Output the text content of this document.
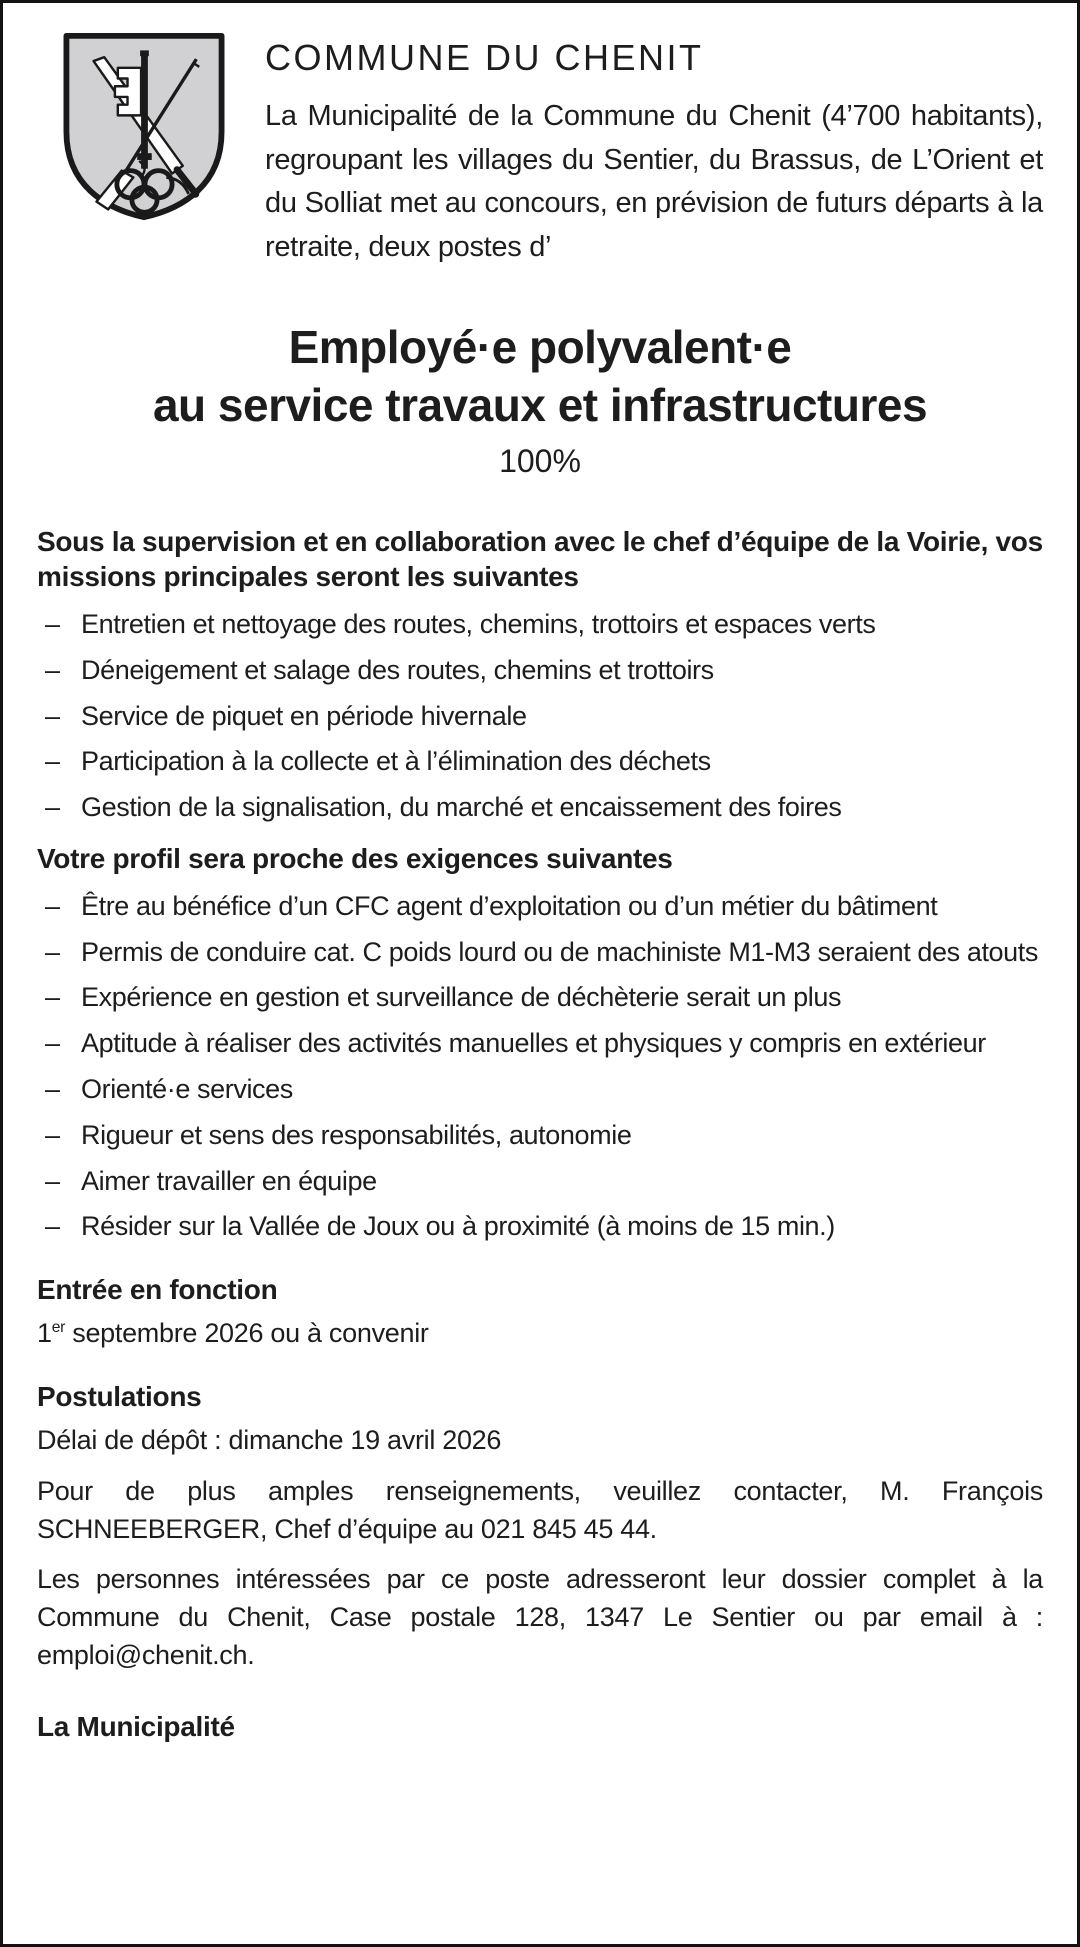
COMMUNE DU CHENIT

La Municipalité de la Commune du Chenit (4’700 habitants), regroupant les villages du Sentier, du Brassus, de L’Orient et du Solliat met au concours, en prévision de futurs départs à la retraite, deux postes d’

Employé·e polyvalent·e
au service travaux et infrastructures
100%
Sous la supervision et en collaboration avec le chef d’équipe de la Voirie, vos missions principales seront les suivantes
– Entretien et nettoyage des routes, chemins, trottoirs et espaces verts
– Déneigement et salage des routes, chemins et trottoirs
– Service de piquet en période hivernale
– Participation à la collecte et à l’élimination des déchets
– Gestion de la signalisation, du marché et encaissement des foires
Votre profil sera proche des exigences suivantes
– Être au bénéfice d’un CFC agent d’exploitation ou d’un métier du bâtiment
– Permis de conduire cat. C poids lourd ou de machiniste M1-M3 seraient des atouts
– Expérience en gestion et surveillance de déchèterie serait un plus
– Aptitude à réaliser des activités manuelles et physiques y compris en extérieur
– Orienté·e services
– Rigueur et sens des responsabilités, autonomie
– Aimer travailler en équipe
– Résider sur la Vallée de Joux ou à proximité (à moins de 15 min.)
Entrée en fonction

1er septembre 2026 ou à convenir

Postulations

Délai de dépôt : dimanche 19 avril 2026

Pour de plus amples renseignements, veuillez contacter, M. François SCHNEEBERGER, Chef d’équipe au 021 845 45 44.

Les personnes intéressées par ce poste adresseront leur dossier complet à la Commune du Chenit, Case postale 128, 1347 Le Sentier ou par email à : emploi@chenit.ch.

La Municipalité
